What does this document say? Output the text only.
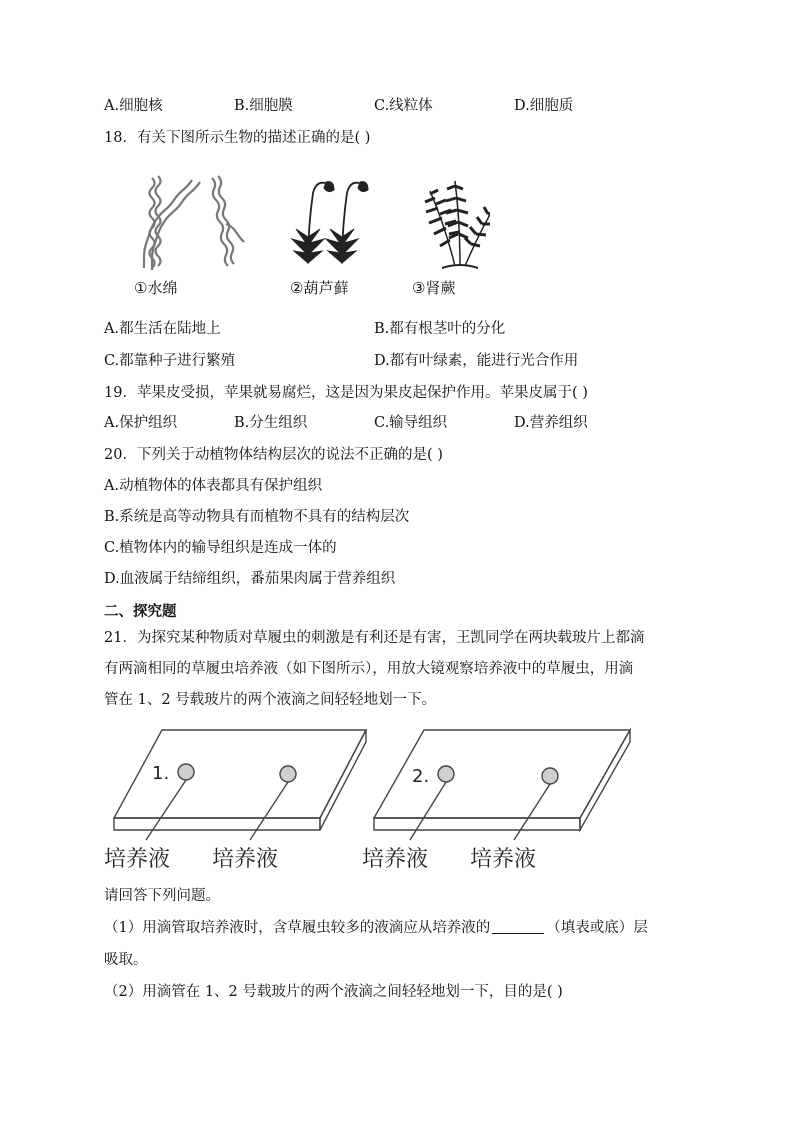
A.细胞核	B.细胞膜	C.线粒体	D.细胞质
18．有关下图所示生物的描述正确的是( )
①水绵	②葫芦藓	③肾蕨
A.都生活在陆地上	B.都有根茎叶的分化
C.都靠种子进行繁殖	D.都有叶绿素，能进行光合作用
19．苹果皮受损，苹果就易腐烂，这是因为果皮起保护作用。苹果皮属于( )
A.保护组织	B.分生组织	C.输导组织	D.营养组织
20．下列关于动植物体结构层次的说法不正确的是( )
A.动植物体的体表都具有保护组织
B.系统是高等动物具有而植物不具有的结构层次
C.植物体内的输导组织是连成一体的
D.血液属于结缔组织，番茄果肉属于营养组织
二、探究题
21．为探究某种物质对草履虫的刺激是有利还是有害，王凯同学在两块载玻片上都滴
有两滴相同的草履虫培养液（如下图所示），用放大镜观察培养液中的草履虫，用滴
管在 1、2 号载玻片的两个液滴之间轻轻地划一下。
1.
培养液 培养液
2.
培养液 培养液
请回答下列问题。
（1）用滴管取培养液时，含草履虫较多的液滴应从培养液的	（填表或底）层
吸取。
（2）用滴管在 1、2 号载玻片的两个液滴之间轻轻地划一下，目的是( )
